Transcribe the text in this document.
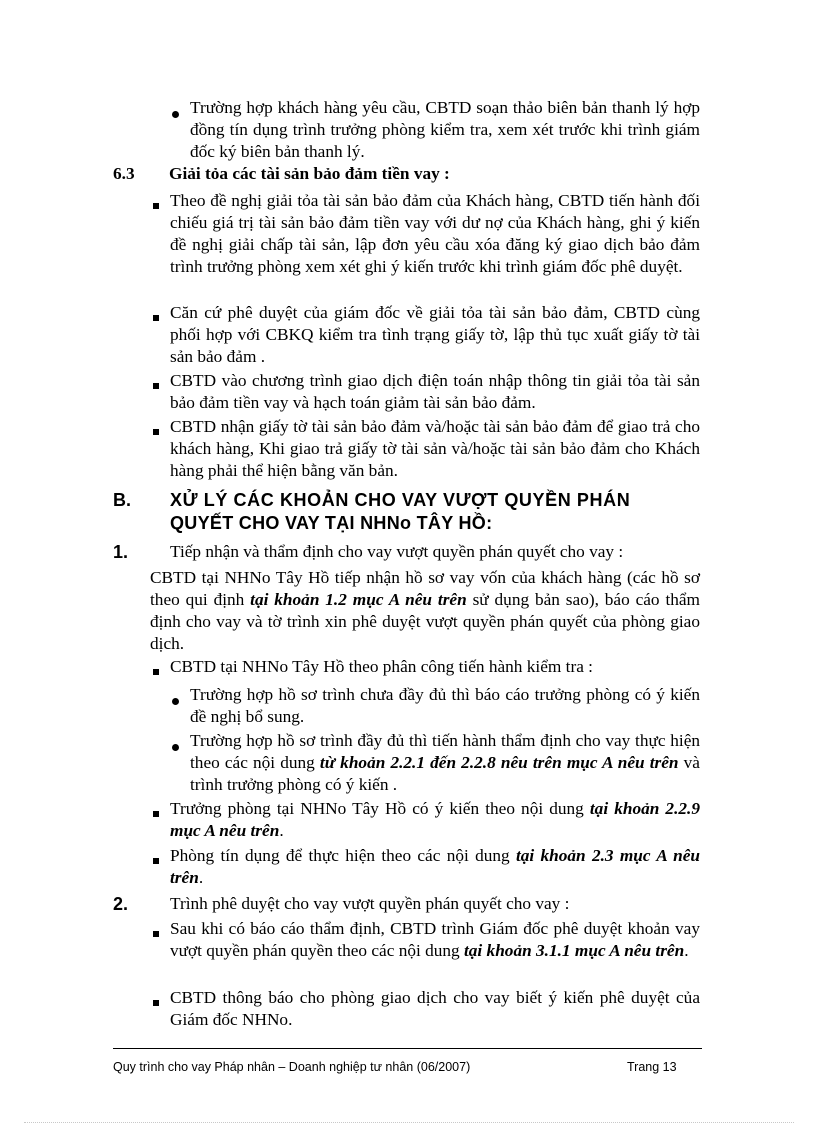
Trường hợp khách hàng yêu cầu, CBTD soạn thảo biên bản thanh lý hợp đồng tín dụng trình trưởng phòng kiểm tra, xem xét trước khi trình giám đốc ký biên bản thanh lý.

6.3 Giải tỏa các tài sản bảo đảm tiền vay :

Theo đề nghị giải tỏa tài sản bảo đảm của Khách hàng, CBTD tiến hành đối chiếu giá trị tài sản bảo đảm tiền vay với dư nợ của Khách hàng, ghi ý kiến đề nghị giải chấp tài sản, lập đơn yêu cầu xóa đăng ký giao dịch bảo đảm trình trưởng phòng xem xét ghi ý kiến trước khi trình giám đốc phê duyệt.

Căn cứ phê duyệt của giám đốc về giải tỏa tài sản bảo đảm, CBTD cùng phối hợp với CBKQ kiểm tra tình trạng giấy tờ, lập thủ tục xuất giấy tờ tài sản bảo đảm .

CBTD vào chương trình giao dịch điện toán nhập thông tin giải tỏa tài sản bảo đảm tiền vay và hạch toán giảm tài sản bảo đảm.

CBTD nhận giấy tờ tài sản bảo đảm và/hoặc tài sản bảo đảm để giao trả cho khách hàng, Khi giao trả giấy tờ tài sản và/hoặc tài sản bảo đảm cho Khách hàng phải thể hiện bằng văn bản.

B. XỬ LÝ CÁC KHOẢN CHO VAY VƯỢT QUYỀN PHÁN

QUYẾT CHO VAY TẠI NHNo TÂY HỒ:

1. Tiếp nhận và thẩm định cho vay vượt quyền phán quyết cho vay :

CBTD tại NHNo Tây Hồ tiếp nhận hồ sơ vay vốn của khách hàng (các hồ sơ theo qui định tại khoản 1.2 mục A nêu trên sử dụng bản sao), báo cáo thẩm định cho vay và tờ trình xin phê duyệt vượt quyền phán quyết của phòng giao dịch.

CBTD tại NHNo Tây Hồ theo phân công tiến hành kiểm tra :

Trường hợp hồ sơ trình chưa đầy đủ thì báo cáo trưởng phòng có ý kiến đề nghị bổ sung.

Trường hợp hồ sơ trình đầy đủ thì tiến hành thẩm định cho vay thực hiện theo các nội dung từ khoản 2.2.1 đến 2.2.8 nêu trên mục A nêu trên và trình trưởng phòng có ý kiến .

Trưởng phòng tại NHNo Tây Hồ có ý kiến theo nội dung tại khoản 2.2.9 mục A nêu trên.

Phòng tín dụng để thực hiện theo các nội dung tại khoản 2.3 mục A nêu trên.

2. Trình phê duyệt cho vay vượt quyền phán quyết cho vay :

Sau khi có báo cáo thẩm định, CBTD trình Giám đốc phê duyệt khoản vay vượt quyền phán quyền theo các nội dung tại khoản 3.1.1 mục A nêu trên.

CBTD thông báo cho phòng giao dịch cho vay biết ý kiến phê duyệt của Giám đốc NHNo.

Quy trình cho vay Pháp nhân – Doanh nghiệp tư nhân (06/2007)	Trang 13
